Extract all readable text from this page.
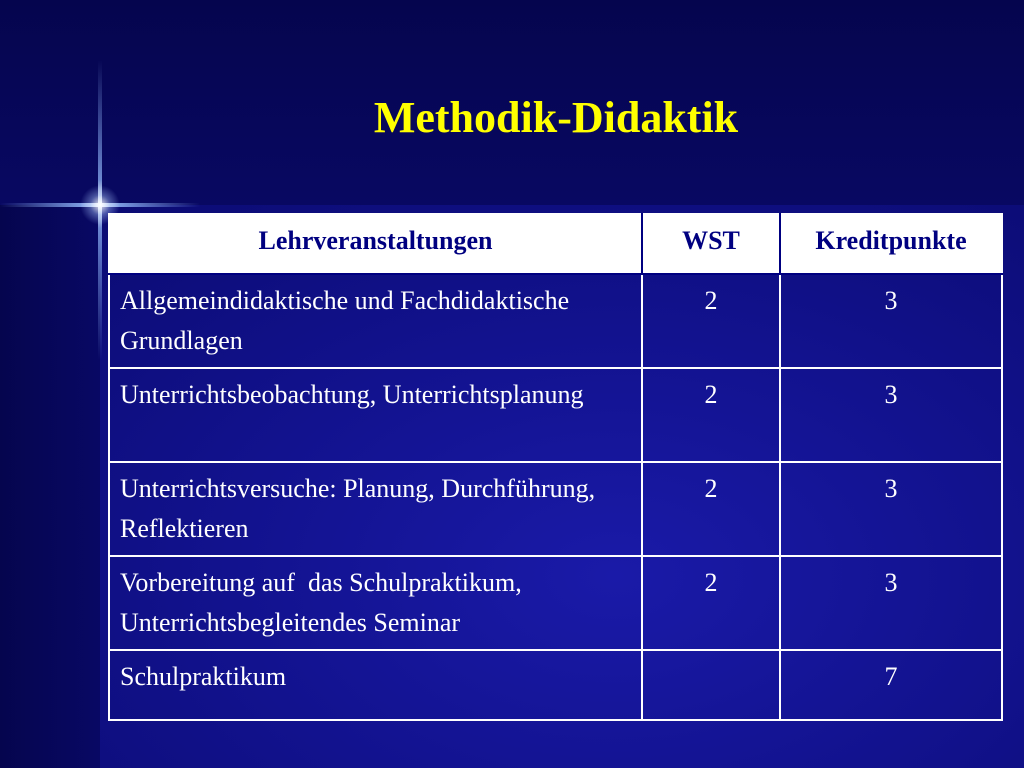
Methodik-Didaktik
Lehrveranstaltungen	WST	Kreditpunkte
Allgemeindidaktische und Fachdidaktische Grundlagen	2	3
Unterrichtsbeobachtung, Unterrichtsplanung	2	3
Unterrichtsversuche: Planung, Durchführung, Reflektieren	2	3
Vorbereitung auf  das Schulpraktikum, Unterrichtsbegleitendes Seminar	2	3
Schulpraktikum		7
